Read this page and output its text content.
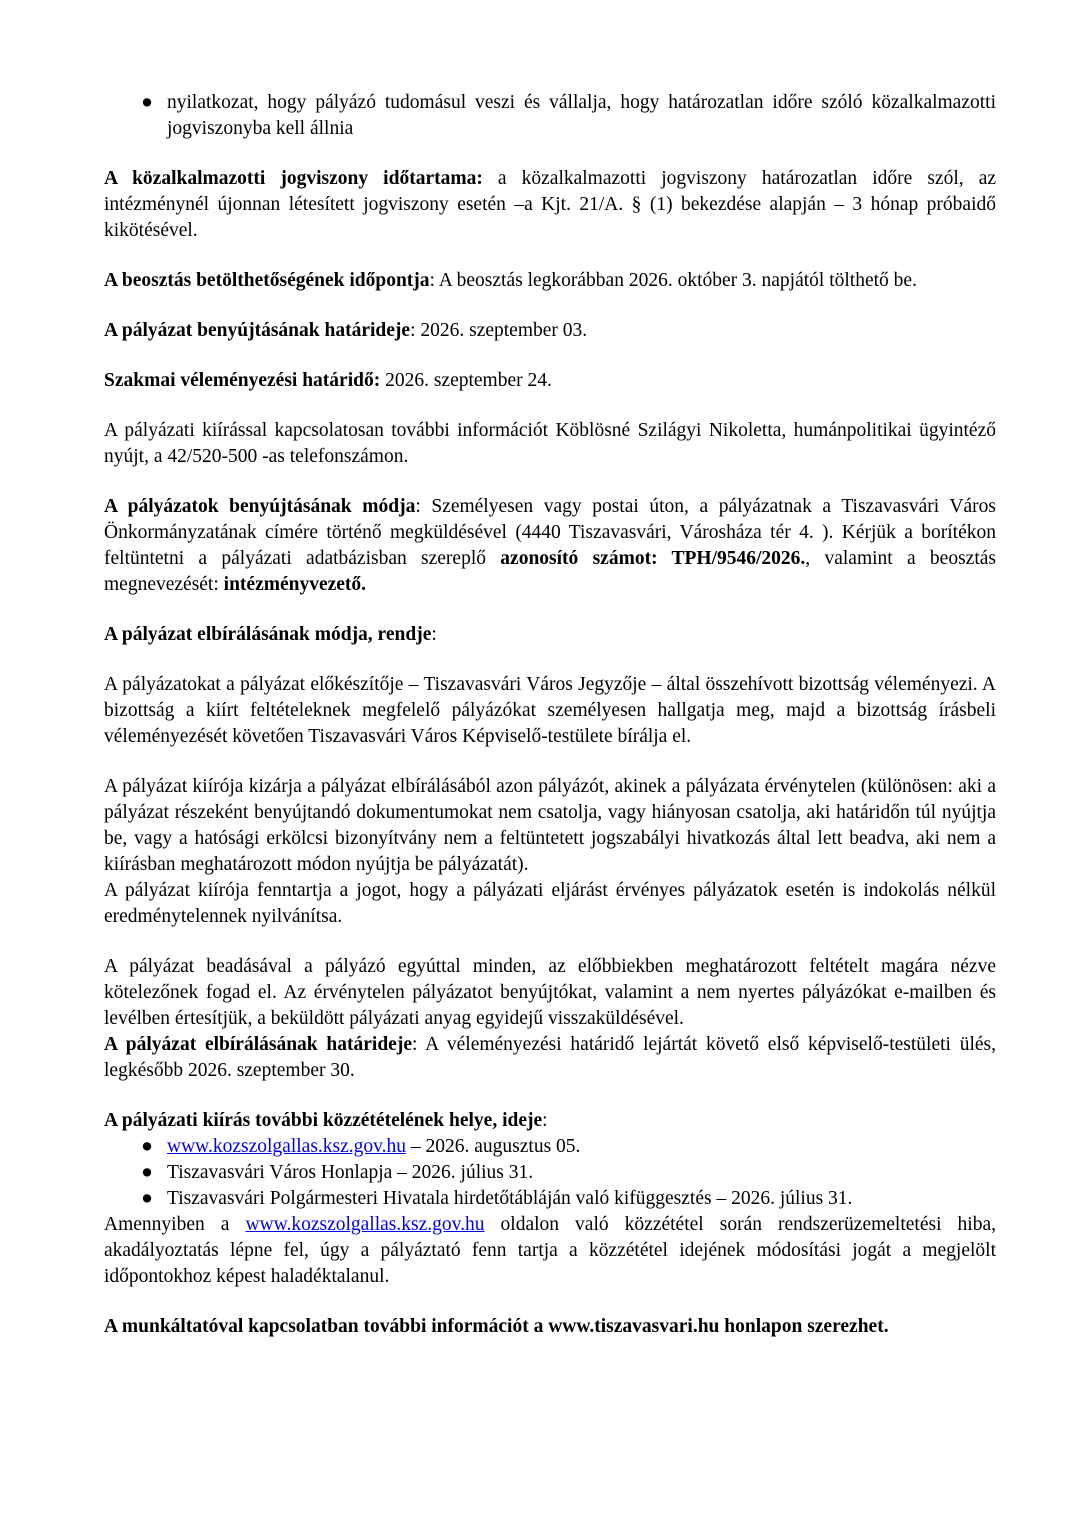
● nyilatkozat, hogy pályázó tudomásul veszi és vállalja, hogy határozatlan időre szóló közalkalmazotti jogviszonyba kell állnia

A közalkalmazotti jogviszony időtartama: a közalkalmazotti jogviszony határozatlan időre szól, az intézménynél újonnan létesített jogviszony esetén –a Kjt. 21/A. § (1) bekezdése alapján – 3 hónap próbaidő kikötésével.

A beosztás betölthetőségének időpontja: A beosztás legkorábban 2026. október 3. napjától tölthető be.

A pályázat benyújtásának határideje: 2026. szeptember 03.

Szakmai véleményezési határidő: 2026. szeptember 24.

A pályázati kiírással kapcsolatosan további információt Köblösné Szilágyi Nikoletta, humánpolitikai ügyintéző nyújt, a 42/520-500 -as telefonszámon.

A pályázatok benyújtásának módja: Személyesen vagy postai úton, a pályázatnak a Tiszavasvári Város Önkormányzatának címére történő megküldésével (4440 Tiszavasvári, Városháza tér 4. ). Kérjük a borítékon feltüntetni a pályázati adatbázisban szereplő azonosító számot: TPH/9546/2026., valamint a beosztás megnevezését: intézményvezető.

A pályázat elbírálásának módja, rendje:

A pályázatokat a pályázat előkészítője – Tiszavasvári Város Jegyzője – által összehívott bizottság véleményezi. A bizottság a kiírt feltételeknek megfelelő pályázókat személyesen hallgatja meg, majd a bizottság írásbeli véleményezését követően Tiszavasvári Város Képviselő-testülete bírálja el.

A pályázat kiírója kizárja a pályázat elbírálásából azon pályázót, akinek a pályázata érvénytelen (különösen: aki a pályázat részeként benyújtandó dokumentumokat nem csatolja, vagy hiányosan csatolja, aki határidőn túl nyújtja be, vagy a hatósági erkölcsi bizonyítvány nem a feltüntetett jogszabályi hivatkozás által lett beadva, aki nem a kiírásban meghatározott módon nyújtja be pályázatát).

A pályázat kiírója fenntartja a jogot, hogy a pályázati eljárást érvényes pályázatok esetén is indokolás nélkül eredménytelennek nyilvánítsa.

A pályázat beadásával a pályázó egyúttal minden, az előbbiekben meghatározott feltételt magára nézve kötelezőnek fogad el. Az érvénytelen pályázatot benyújtókat, valamint a nem nyertes pályázókat e-mailben és levélben értesítjük, a beküldött pályázati anyag egyidejű visszaküldésével.

A pályázat elbírálásának határideje: A véleményezési határidő lejártát követő első képviselő-testületi ülés, legkésőbb 2026. szeptember 30.

A pályázati kiírás további közzétételének helye, ideje:

● www.kozszolgallas.ksz.gov.hu – 2026. augusztus 05.
● Tiszavasvári Város Honlapja – 2026. július 31.
● Tiszavasvári Polgármesteri Hivatala hirdetőtábláján való kifüggesztés – 2026. július 31.

Amennyiben a www.kozszolgallas.ksz.gov.hu oldalon való közzététel során rendszerüzemeltetési hiba, akadályoztatás lépne fel, úgy a pályáztató fenn tartja a közzététel idejének módosítási jogát a megjelölt időpontokhoz képest haladéktalanul.

A munkáltatóval kapcsolatban további információt a www.tiszavasvari.hu honlapon szerezhet.
